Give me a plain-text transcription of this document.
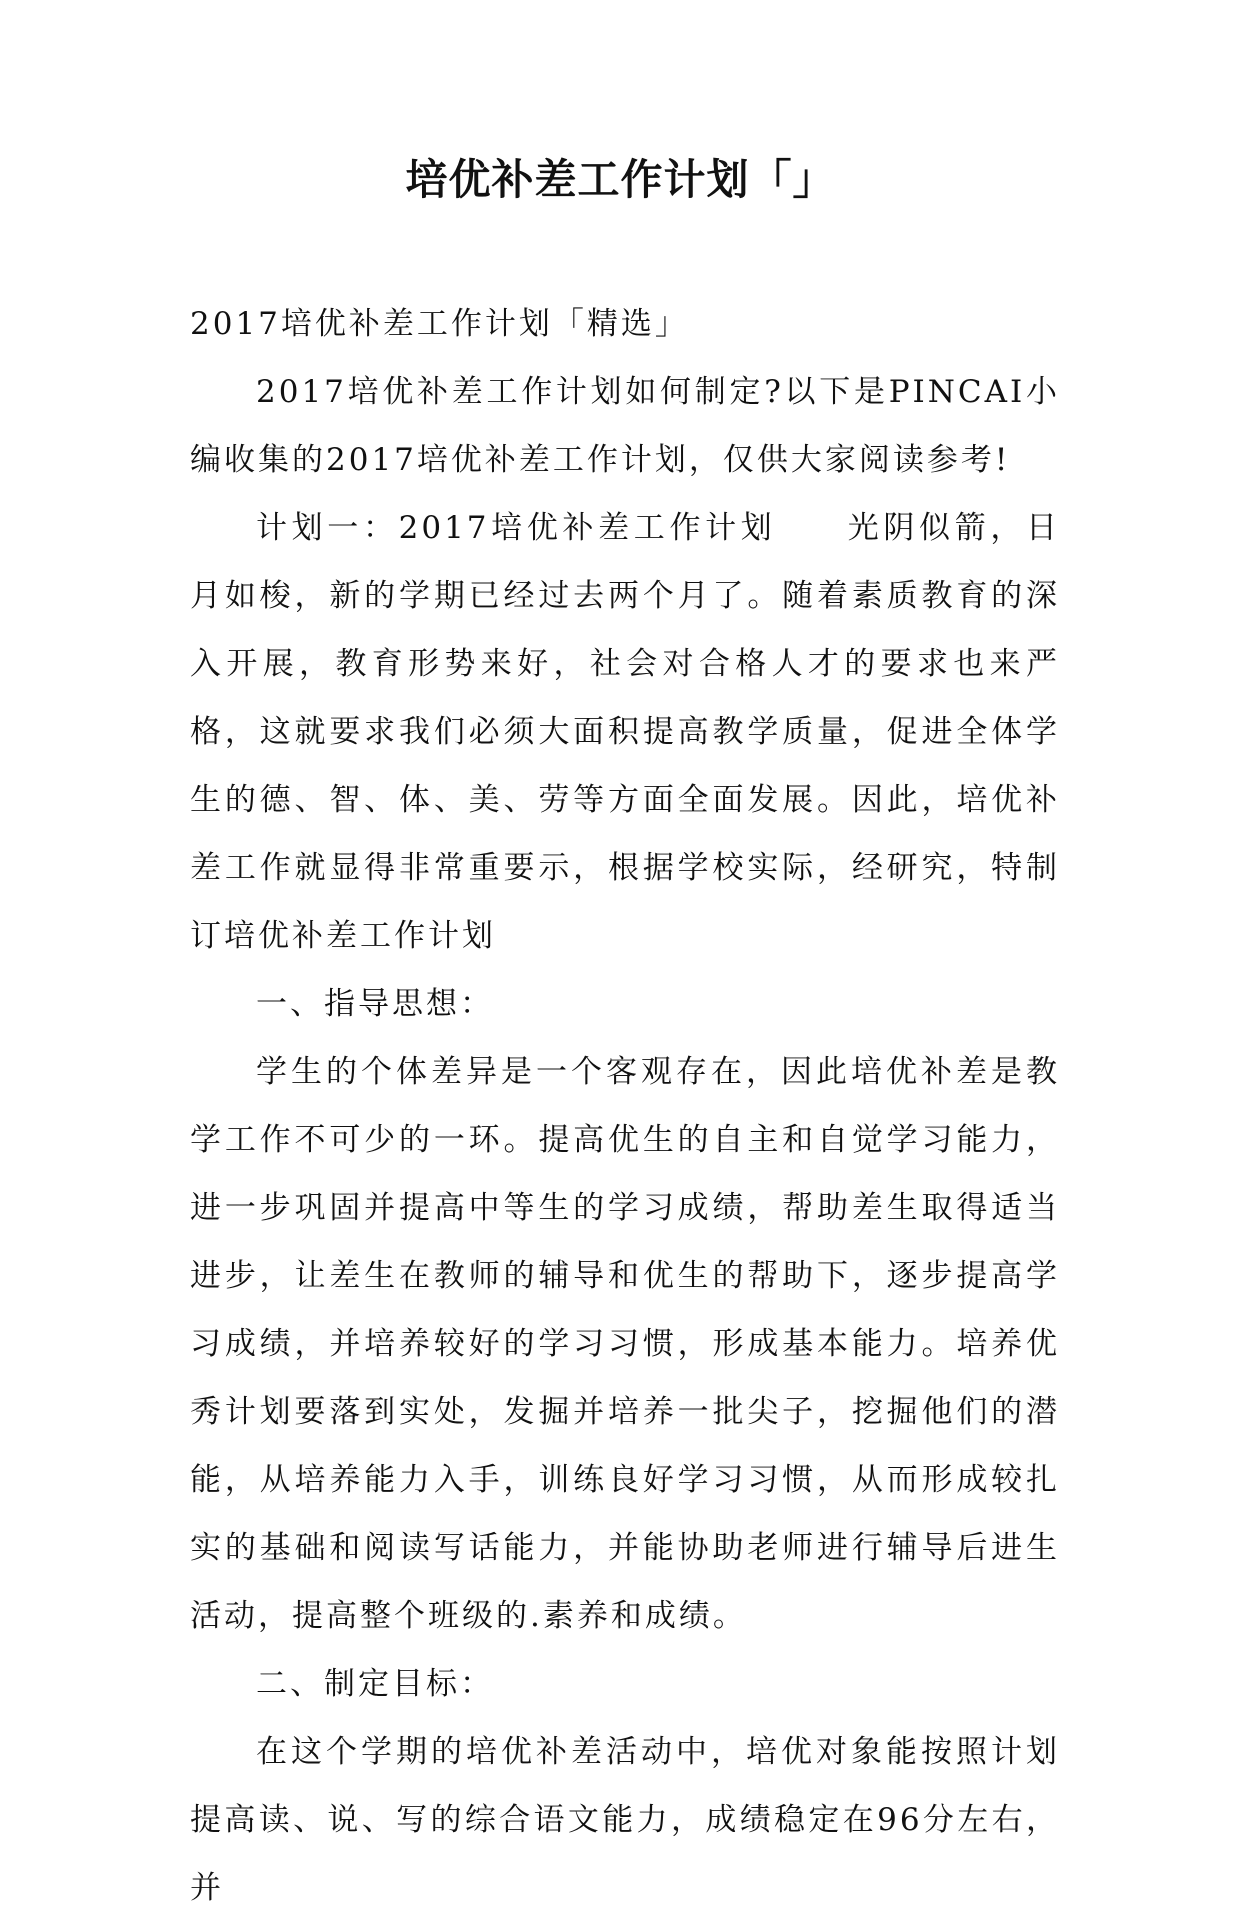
培优补差工作计划「」

2017培优补差工作计划「精选」

2017培优补差工作计划如何制定?以下是PINCAI小编收集的2017培优补差工作计划，仅供大家阅读参考!

计划一：2017培优补差工作计划　　光阴似箭，日月如梭，新的学期已经过去两个月了。随着素质教育的深入开展，教育形势来好，社会对合格人才的要求也来严格，这就要求我们必须大面积提高教学质量，促进全体学生的德、智、体、美、劳等方面全面发展。因此，培优补差工作就显得非常重要示，根据学校实际，经研究，特制订培优补差工作计划

一、指导思想：

学生的个体差异是一个客观存在，因此培优补差是教学工作不可少的一环。提高优生的自主和自觉学习能力，进一步巩固并提高中等生的学习成绩，帮助差生取得适当进步，让差生在教师的辅导和优生的帮助下，逐步提高学习成绩，并培养较好的学习习惯，形成基本能力。培养优秀计划要落到实处，发掘并培养一批尖子，挖掘他们的潜能，从培养能力入手，训练良好学习习惯，从而形成较扎实的基础和阅读写话能力，并能协助老师进行辅导后进生活动，提高整个班级的.素养和成绩。

二、制定目标：

在这个学期的培优补差活动中，培优对象能按照计划提高读、说、写的综合语文能力，成绩稳定在96分左右，并
